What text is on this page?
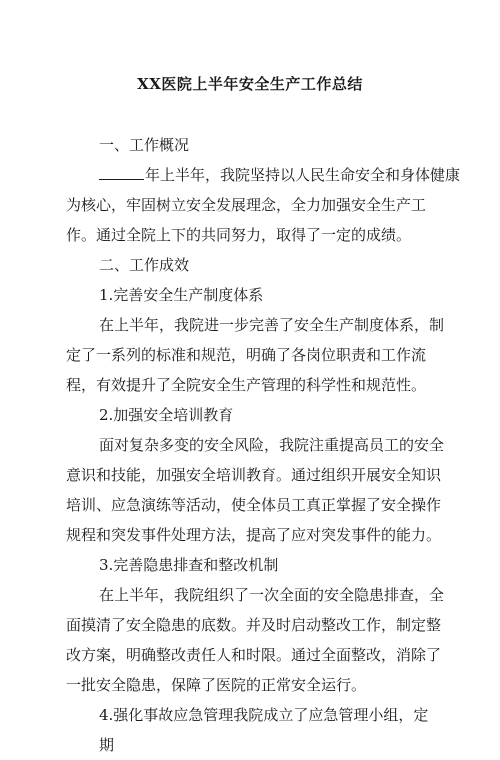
XX医院上半年安全生产工作总结

一、工作概况

年上半年，我院坚持以人民生命安全和身体健康
为核心，牢固树立安全发展理念，全力加强安全生产工
作。通过全院上下的共同努力，取得了一定的成绩。

二、工作成效

1.完善安全生产制度体系

在上半年，我院进一步完善了安全生产制度体系，制
定了一系列的标准和规范，明确了各岗位职责和工作流
程，有效提升了全院安全生产管理的科学性和规范性。

2.加强安全培训教育

面对复杂多变的安全风险，我院注重提高员工的安全
意识和技能，加强安全培训教育。通过组织开展安全知识
培训、应急演练等活动，使全体员工真正掌握了安全操作
规程和突发事件处理方法，提高了应对突发事件的能力。

3.完善隐患排查和整改机制

在上半年，我院组织了一次全面的安全隐患排查，全
面摸清了安全隐患的底数。并及时启动整改工作，制定整
改方案，明确整改责任人和时限。通过全面整改，消除了
一批安全隐患，保障了医院的正常安全运行。

4.强化事故应急管理我院成立了应急管理小组，定期
